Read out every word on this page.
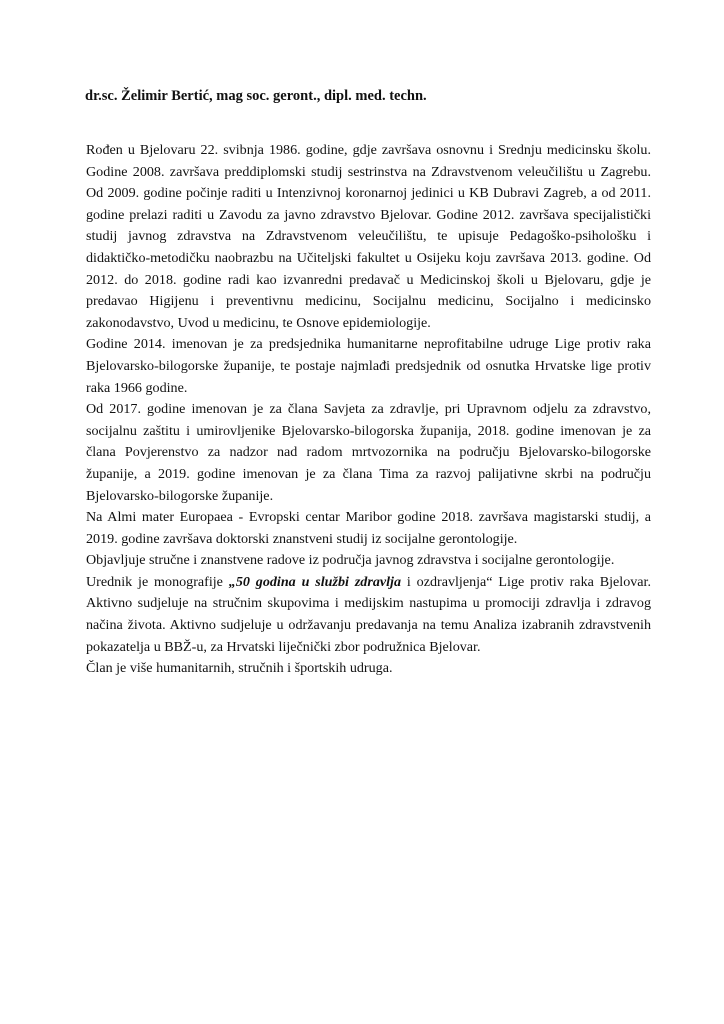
dr.sc. Želimir Bertić, mag soc. geront., dipl. med. techn.

Rođen u Bjelovaru 22. svibnja 1986. godine, gdje završava osnovnu i Srednju medicinsku školu. Godine 2008. završava preddiplomski studij sestrinstva na Zdravstvenom veleučilištu u Zagrebu. Od 2009. godine počinje raditi u Intenzivnoj koronarnoj jedinici u KB Dubravi Zagreb, a od 2011. godine prelazi raditi u Zavodu za javno zdravstvo Bjelovar. Godine 2012. završava specijalistički studij javnog zdravstva na Zdravstvenom veleučilištu, te upisuje Pedagoško-psihološku i didaktičko-metodičku naobrazbu na Učiteljski fakultet u Osijeku koju završava 2013. godine. Od 2012. do 2018. godine radi kao izvanredni predavač u Medicinskoj školi u Bjelovaru, gdje je predavao Higijenu i preventivnu medicinu, Socijalnu medicinu, Socijalno i medicinsko zakonodavstvo, Uvod u medicinu, te Osnove epidemiologije.

Godine 2014. imenovan je za predsjednika humanitarne neprofitabilne udruge Lige protiv raka Bjelovarsko-bilogorske županije, te postaje najmlađi predsjednik od osnutka Hrvatske lige protiv raka 1966 godine.

Od 2017. godine imenovan je za člana Savjeta za zdravlje, pri Upravnom odjelu za zdravstvo, socijalnu zaštitu i umirovljenike Bjelovarsko-bilogorska županija, 2018. godine imenovan je za člana Povjerenstvo za nadzor nad radom mrtvozornika na području Bjelovarsko-bilogorske županije, a 2019. godine imenovan je za člana Tima za razvoj palijativne skrbi na području Bjelovarsko-bilogorske županije.

Na Almi mater Europaea - Evropski centar Maribor godine 2018. završava magistarski studij, a 2019. godine završava doktorski znanstveni studij iz socijalne gerontologije.

Objavljuje stručne i znanstvene radove iz područja javnog zdravstva i socijalne gerontologije.

Urednik je monografije „50 godina u službi zdravlja i ozdravljenja“ Lige protiv raka Bjelovar. Aktivno sudjeluje na stručnim skupovima i medijskim nastupima u promociji zdravlja i zdravog načina života. Aktivno sudjeluje u održavanju predavanja na temu Analiza izabranih zdravstvenih pokazatelja u BBŽ-u, za Hrvatski liječnički zbor podružnica Bjelovar.

Član je više humanitarnih, stručnih i športskih udruga.
